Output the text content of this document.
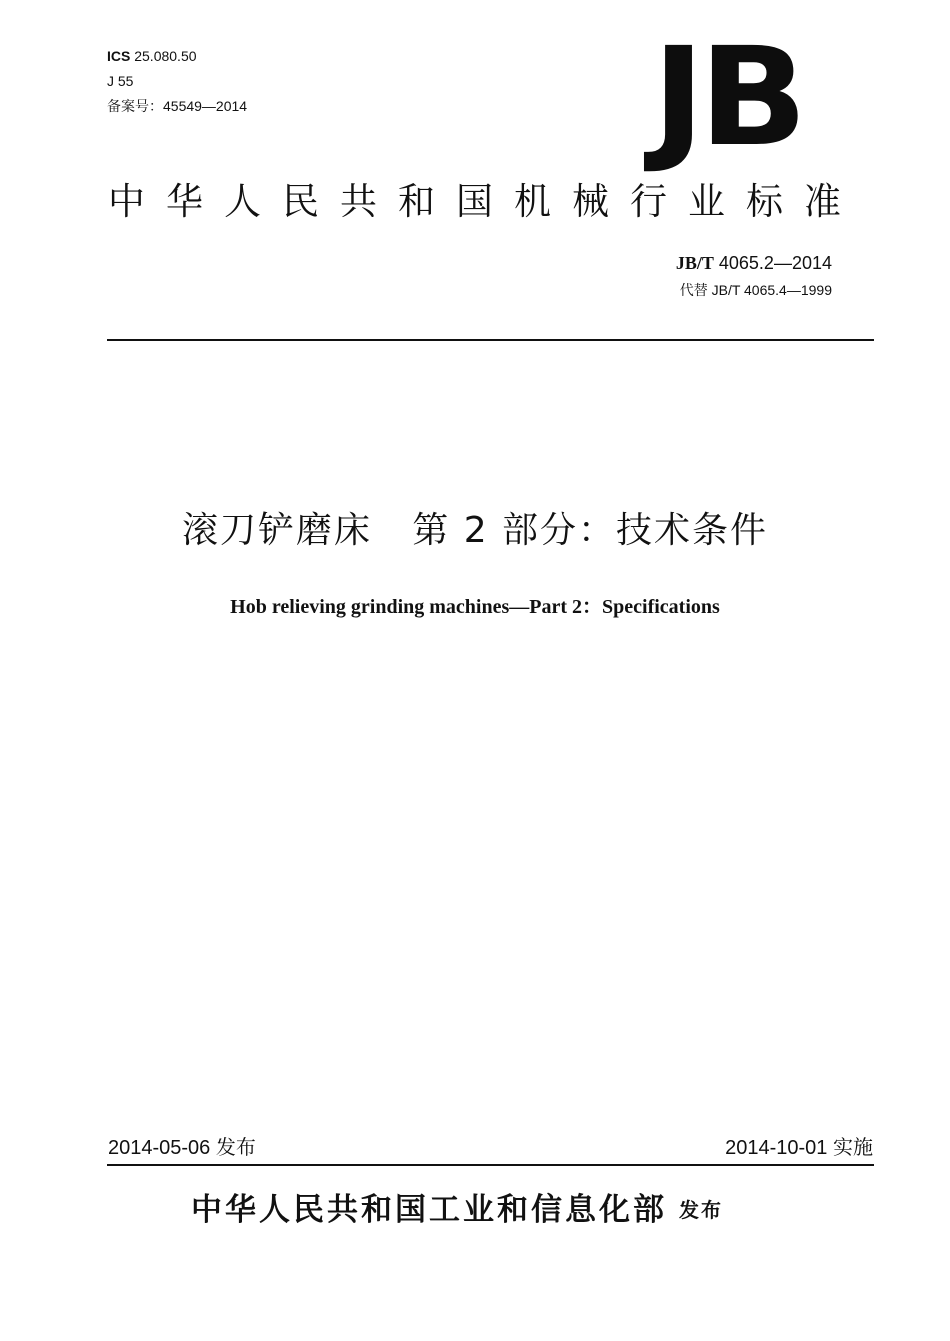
ICS 25.080.50
J 55
备案号：45549—2014	JB
中华人民共和国机械行业标准
JB/T 4065.2—2014
代替 JB/T 4065.4—1999
滚刀铲磨床   第 2 部分：技术条件
Hob relieving grinding machines—Part 2：Specifications
2014-05-06 发布	2014-10-01 实施
中华人民共和国工业和信息化部 发布
